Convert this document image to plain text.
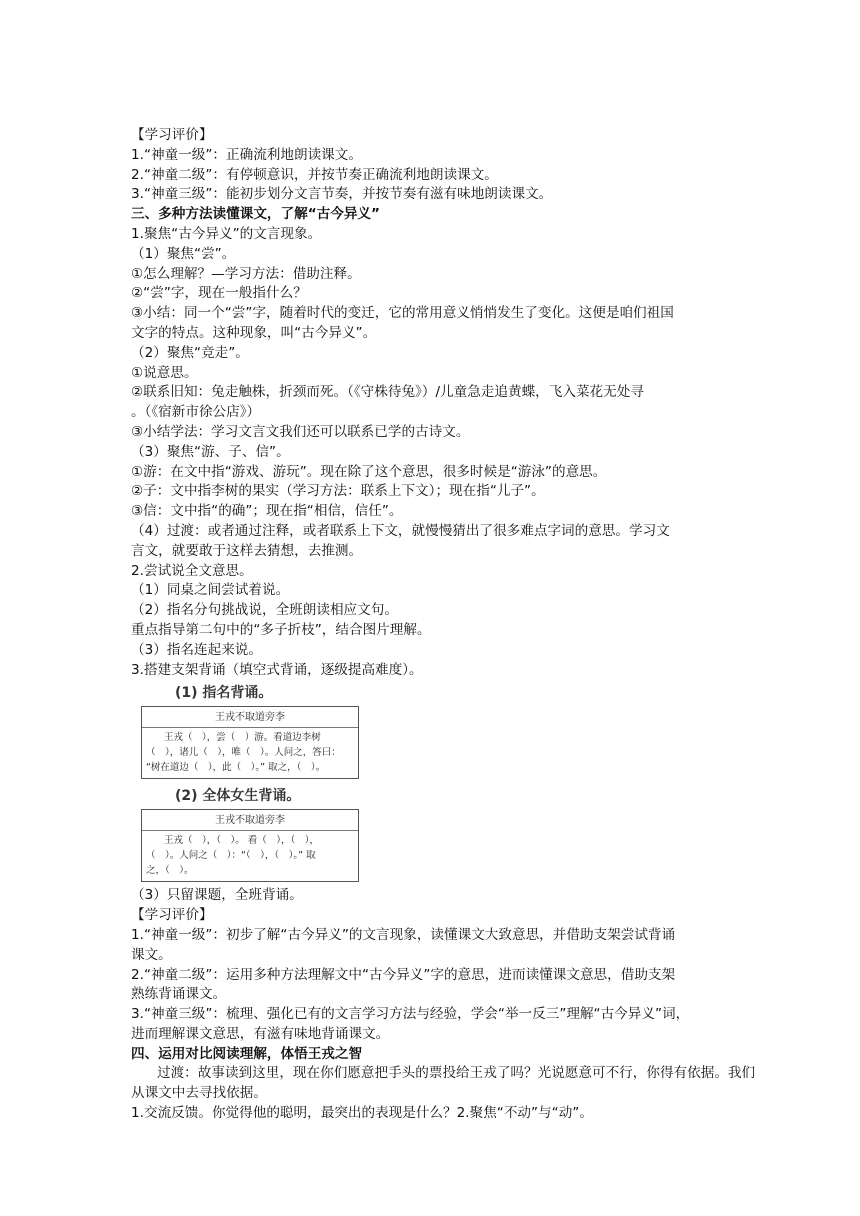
【学习评价】

1.“神童一级”：正确流利地朗读课文。

2.“神童二级”：有停顿意识，并按节奏正确流利地朗读课文。

3.“神童三级”：能初步划分文言节奏，并按节奏有滋有味地朗读课文。

三、多种方法读懂课文，了解“古今异义”

1.聚焦“古今异义”的文言现象。

（1）聚焦“尝”。

①怎么理解？—学习方法：借助注释。

②“尝”字，现在一般指什么？

③小结：同一个“尝”字，随着时代的变迁，它的常用意义悄悄发生了变化。这便是咱们祖国

文字的特点。这种现象，叫“古今异义”。

（2）聚焦“竞走”。

①说意思。

②联系旧知：兔走触株，折颈而死。（《守株待兔》）/儿童急走追黄蝶，飞入菜花无处寻

。（《宿新市徐公店》）

③小结学法：学习文言文我们还可以联系已学的古诗文。

（3）聚焦“游、子、信”。

①游：在文中指“游戏、游玩”。现在除了这个意思，很多时候是“游泳”的意思。

②子：文中指李树的果实（学习方法：联系上下文）；现在指“儿子”。

③信：文中指“的确”；现在指“相信，信任”。

（4）过渡：或者通过注释，或者联系上下文，就慢慢猜出了很多难点字词的意思。学习文

言文，就要敢于这样去猜想，去推测。

2.尝试说全文意思。

（1）同桌之间尝试着说。

（2）指名分句挑战说，全班朗读相应文句。

重点指导第二句中的“多子折枝”，结合图片理解。

（3）指名连起来说。

3.搭建支架背诵（填空式背诵，逐级提高难度）。

(1) 指名背诵。
王戎不取道旁李
王戎（　），尝（　）游。看道边李树
（　），诸儿（　），唯（　）。人问之，答曰：
“树在道边（　），此（　）。” 取之，（　）。
(2) 全体女生背诵。
王戎不取道旁李
王戎（　），（　）。 看（　），（　），
（　）。人问之（　）：“（　），（　）。” 取
之，（　）。

（3）只留课题，全班背诵。

【学习评价】

1.“神童一级”：初步了解“古今异义”的文言现象，读懂课文大致意思，并借助支架尝试背诵

课文。

2.“神童二级”：运用多种方法理解文中“古今异义”字的意思，进而读懂课文意思，借助支架

熟练背诵课文。

3.“神童三级”：梳理、强化已有的文言学习方法与经验，学会“举一反三”理解“古今异义”词，

进而理解课文意思，有滋有味地背诵课文。

四、运用对比阅读理解，体悟王戎之智

过渡：故事读到这里，现在你们愿意把手头的票投给王戎了吗？光说愿意可不行，你得有依据。我们从课文中去寻找依据。

1.交流反馈。你觉得他的聪明，最突出的表现是什么？2.聚焦“不动”与“动”。
